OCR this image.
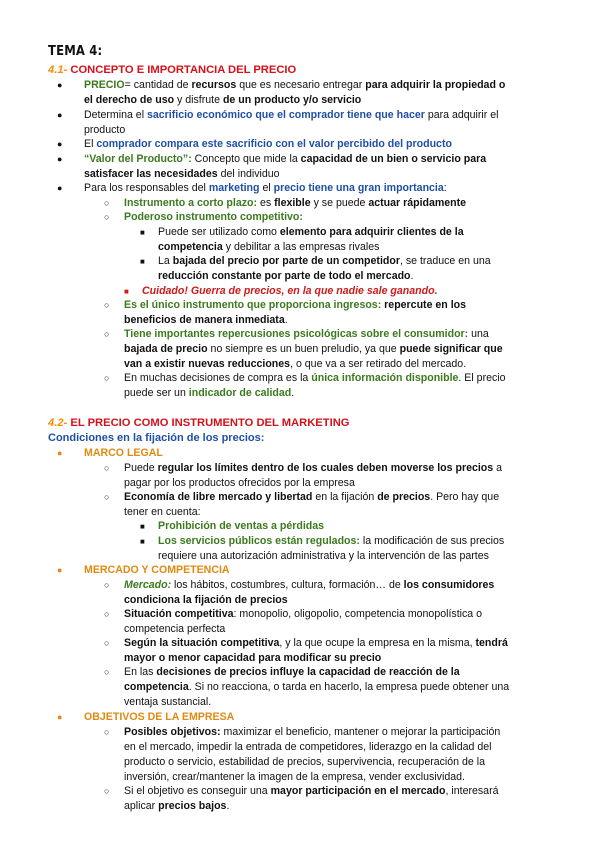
TEMA 4:
4.1- CONCEPTO E IMPORTANCIA DEL PRECIO
● PRECIO= cantidad de recursos que es necesario entregar para adquirir la propiedad o
el derecho de uso y disfrute de un producto y/o servicio
● Determina el sacrificio económico que el comprador tiene que hacer para adquirir el
producto
● El comprador compara este sacrificio con el valor percibido del producto
● “Valor del Producto”: Concepto que mide la capacidad de un bien o servicio para
satisfacer las necesidades del individuo
● Para los responsables del marketing el precio tiene una gran importancia:
○ Instrumento a corto plazo: es flexible y se puede actuar rápidamente
○ Poderoso instrumento competitivo:
■ Puede ser utilizado como elemento para adquirir clientes de la
competencia y debilitar a las empresas rivales
■ La bajada del precio por parte de un competidor, se traduce en una
reducción constante por parte de todo el mercado.
■ Cuidado! Guerra de precios, en la que nadie sale ganando.
○ Es el único instrumento que proporciona ingresos: repercute en los
beneficios de manera inmediata.
○ Tiene importantes repercusiones psicológicas sobre el consumidor: una
bajada de precio no siempre es un buen preludio, ya que puede significar que
van a existir nuevas reducciones, o que va a ser retirado del mercado.
○ En muchas decisiones de compra es la única información disponible. El precio
puede ser un indicador de calidad.
4.2- EL PRECIO COMO INSTRUMENTO DEL MARKETING
Condiciones en la fijación de los precios:
● MARCO LEGAL
○ Puede regular los límites dentro de los cuales deben moverse los precios a
pagar por los productos ofrecidos por la empresa
○ Economía de libre mercado y libertad en la fijación de precios. Pero hay que
tener en cuenta:
■ Prohibición de ventas a pérdidas
■ Los servicios públicos están regulados: la modificación de sus precios
requiere una autorización administrativa y la intervención de las partes
● MERCADO Y COMPETENCIA
○ Mercado: los hábitos, costumbres, cultura, formación… de los consumidores
condiciona la fijación de precios
○ Situación competitiva: monopolio, oligopolio, competencia monopolística o
competencia perfecta
○ Según la situación competitiva, y la que ocupe la empresa en la misma, tendrá
mayor o menor capacidad para modificar su precio
○ En las decisiones de precios influye la capacidad de reacción de la
competencia. Si no reacciona, o tarda en hacerlo, la empresa puede obtener una
ventaja sustancial.
● OBJETIVOS DE LA EMPRESA
○ Posibles objetivos: maximizar el beneficio, mantener o mejorar la participación
en el mercado, impedir la entrada de competidores, liderazgo en la calidad del
producto o servicio, estabilidad de precios, supervivencia, recuperación de la
inversión, crear/mantener la imagen de la empresa, vender exclusividad.
○ Si el objetivo es conseguir una mayor participación en el mercado, interesará
aplicar precios bajos.
